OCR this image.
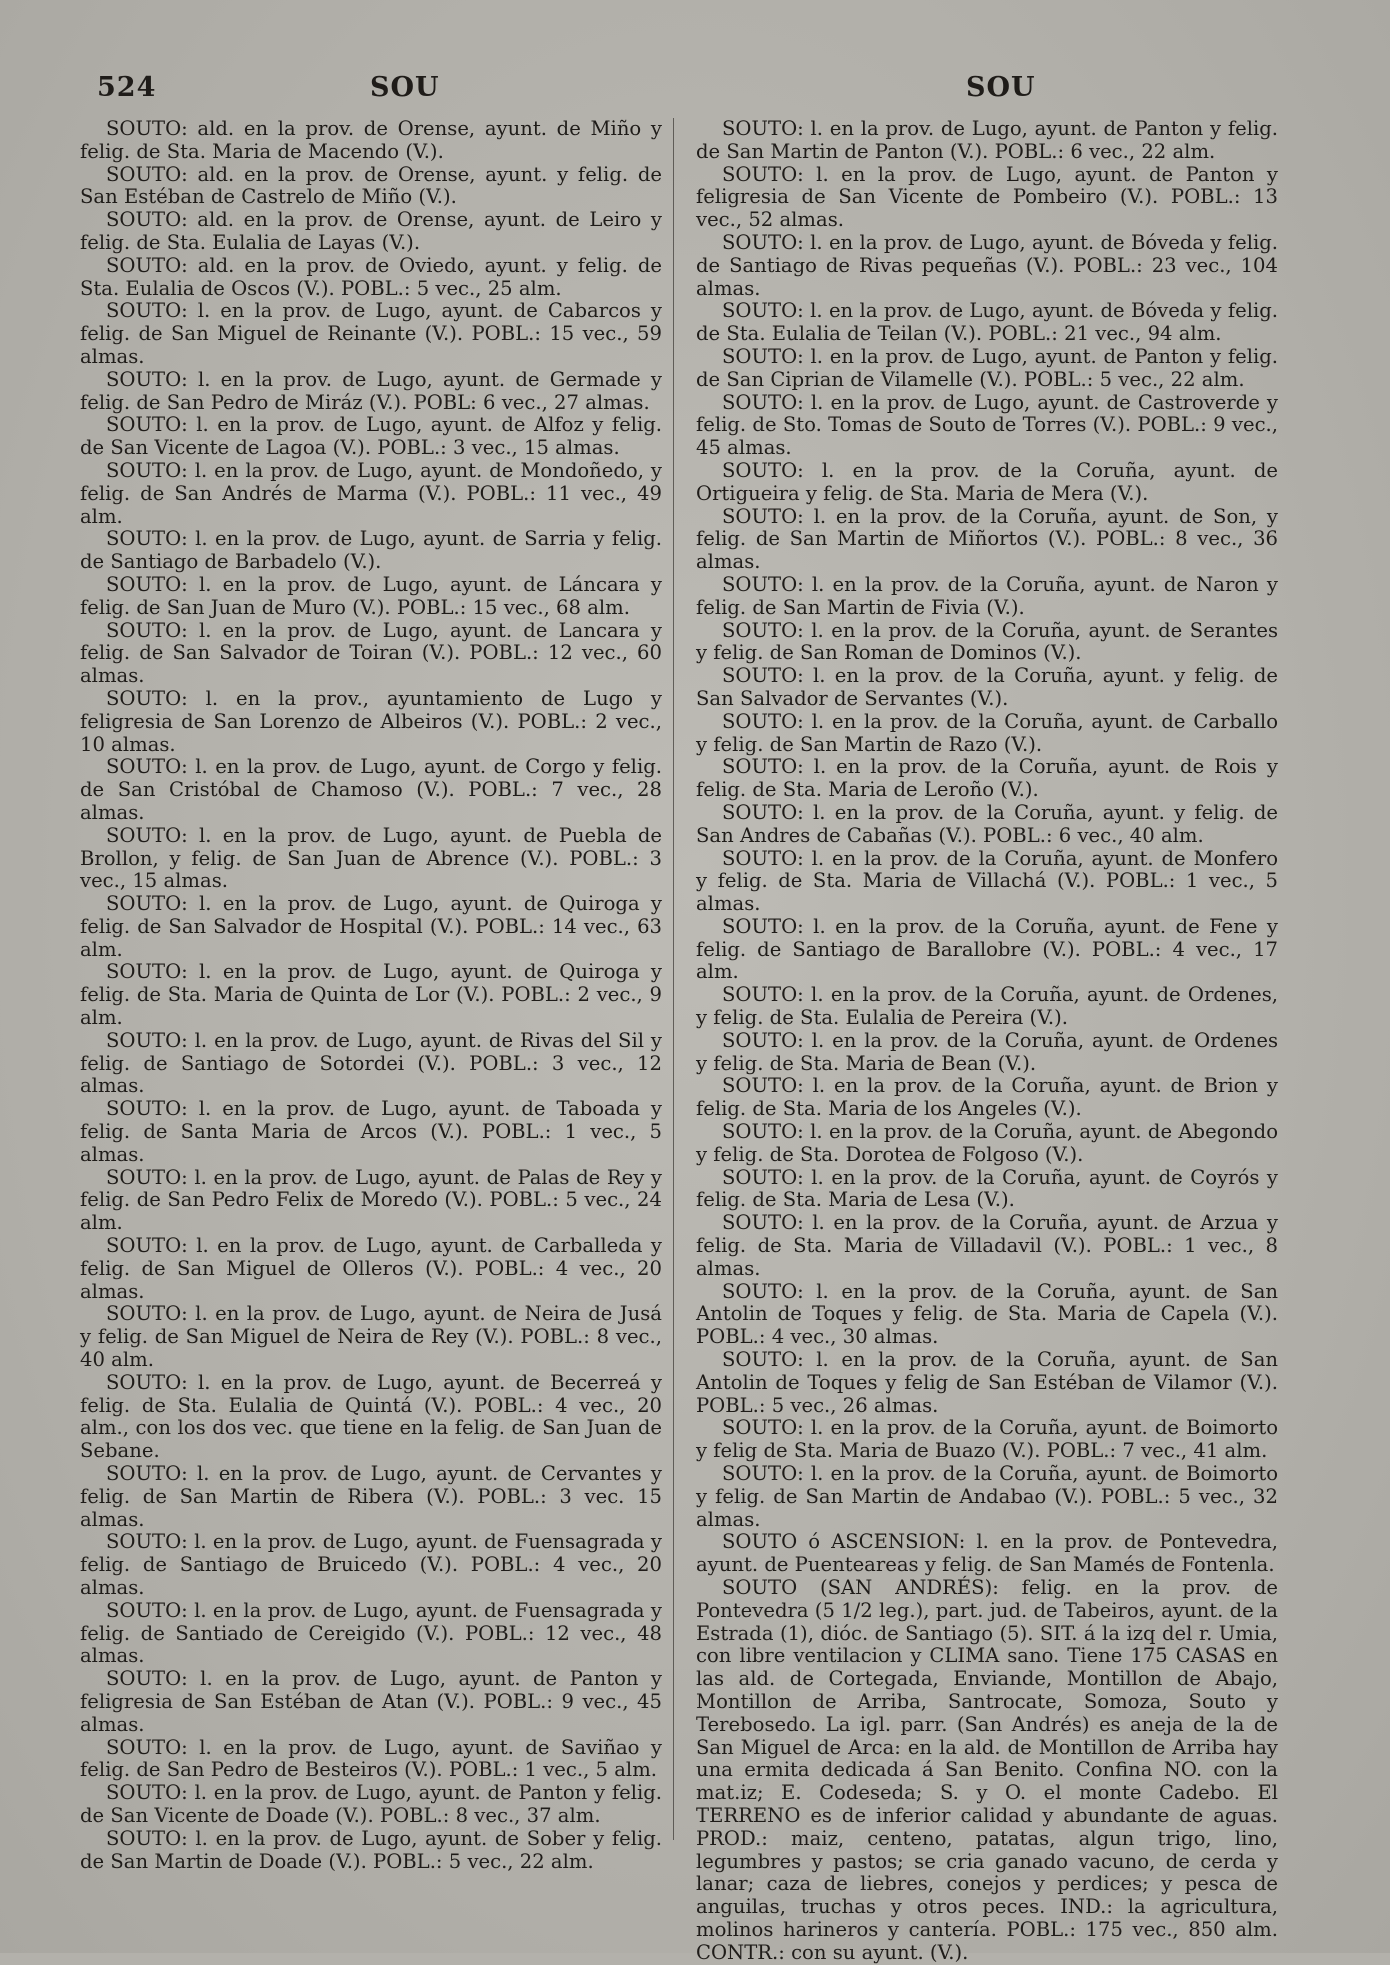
524	SOU	SOU

SOUTO: ald. en la prov. de Orense, ayunt. de Miño y felig. de Sta. Maria de Macendo (V.).

SOUTO: ald. en la prov. de Orense, ayunt. y felig. de San Estéban de Castrelo de Miño (V.).

SOUTO: ald. en la prov. de Orense, ayunt. de Leiro y felig. de Sta. Eulalia de Layas (V.).

SOUTO: ald. en la prov. de Oviedo, ayunt. y felig. de Sta. Eulalia de Oscos (V.). POBL.: 5 vec., 25 alm.

SOUTO: l. en la prov. de Lugo, ayunt. de Cabarcos y felig. de San Miguel de Reinante (V.). POBL.: 15 vec., 59 almas.

SOUTO: l. en la prov. de Lugo, ayunt. de Germade y felig. de San Pedro de Miráz (V.). POBL: 6 vec., 27 almas.

SOUTO: l. en la prov. de Lugo, ayunt. de Alfoz y felig. de San Vicente de Lagoa (V.). POBL.: 3 vec., 15 almas.

SOUTO: l. en la prov. de Lugo, ayunt. de Mondoñedo, y felig. de San Andrés de Marma (V.). POBL.: 11 vec., 49 alm.

SOUTO: l. en la prov. de Lugo, ayunt. de Sarria y felig. de Santiago de Barbadelo (V.).

SOUTO: l. en la prov. de Lugo, ayunt. de Láncara y felig. de San Juan de Muro (V.). POBL.: 15 vec., 68 alm.

SOUTO: l. en la prov. de Lugo, ayunt. de Lancara y felig. de San Salvador de Toiran (V.). POBL.: 12 vec., 60 almas.

SOUTO: l. en la prov., ayuntamiento de Lugo y feligresia de San Lorenzo de Albeiros (V.). POBL.: 2 vec., 10 almas.

SOUTO: l. en la prov. de Lugo, ayunt. de Corgo y felig. de San Cristóbal de Chamoso (V.). POBL.: 7 vec., 28 almas.

SOUTO: l. en la prov. de Lugo, ayunt. de Puebla de Brollon, y felig. de San Juan de Abrence (V.). POBL.: 3 vec., 15 almas.

SOUTO: l. en la prov. de Lugo, ayunt. de Quiroga y felig. de San Salvador de Hospital (V.). POBL.: 14 vec., 63 alm.

SOUTO: l. en la prov. de Lugo, ayunt. de Quiroga y felig. de Sta. Maria de Quinta de Lor (V.). POBL.: 2 vec., 9 alm.

SOUTO: l. en la prov. de Lugo, ayunt. de Rivas del Sil y felig. de Santiago de Sotordei (V.). POBL.: 3 vec., 12 almas.

SOUTO: l. en la prov. de Lugo, ayunt. de Taboada y felig. de Santa Maria de Arcos (V.). POBL.: 1 vec., 5 almas.

SOUTO: l. en la prov. de Lugo, ayunt. de Palas de Rey y felig. de San Pedro Felix de Moredo (V.). POBL.: 5 vec., 24 alm.

SOUTO: l. en la prov. de Lugo, ayunt. de Carballeda y felig. de San Miguel de Olleros (V.). POBL.: 4 vec., 20 almas.

SOUTO: l. en la prov. de Lugo, ayunt. de Neira de Jusá y felig. de San Miguel de Neira de Rey (V.). POBL.: 8 vec., 40 alm.

SOUTO: l. en la prov. de Lugo, ayunt. de Becerreá y felig. de Sta. Eulalia de Quintá (V.). POBL.: 4 vec., 20 alm., con los dos vec. que tiene en la felig. de San Juan de Sebane.

SOUTO: l. en la prov. de Lugo, ayunt. de Cervantes y felig. de San Martin de Ribera (V.). POBL.: 3 vec. 15 almas.

SOUTO: l. en la prov. de Lugo, ayunt. de Fuensagrada y felig. de Santiago de Bruicedo (V.). POBL.: 4 vec., 20 almas.

SOUTO: l. en la prov. de Lugo, ayunt. de Fuensagrada y felig. de Santiado de Cereigido (V.). POBL.: 12 vec., 48 almas.

SOUTO: l. en la prov. de Lugo, ayunt. de Panton y feligresia de San Estéban de Atan (V.). POBL.: 9 vec., 45 almas.

SOUTO: l. en la prov. de Lugo, ayunt. de Saviñao y felig. de San Pedro de Besteiros (V.). POBL.: 1 vec., 5 alm.

SOUTO: l. en la prov. de Lugo, ayunt. de Panton y felig. de San Vicente de Doade (V.). POBL.: 8 vec., 37 alm.

SOUTO: l. en la prov. de Lugo, ayunt. de Sober y felig. de San Martin de Doade (V.). POBL.: 5 vec., 22 alm.

SOUTO: l. en la prov. de Lugo, ayunt. de Panton y felig. de San Martin de Panton (V.). POBL.: 6 vec., 22 alm.

SOUTO: l. en la prov. de Lugo, ayunt. de Panton y feligresia de San Vicente de Pombeiro (V.). POBL.: 13 vec., 52 almas.

SOUTO: l. en la prov. de Lugo, ayunt. de Bóveda y felig. de Santiago de Rivas pequeñas (V.). POBL.: 23 vec., 104 almas.

SOUTO: l. en la prov. de Lugo, ayunt. de Bóveda y felig. de Sta. Eulalia de Teilan (V.). POBL.: 21 vec., 94 alm.

SOUTO: l. en la prov. de Lugo, ayunt. de Panton y felig. de San Ciprian de Vilamelle (V.). POBL.: 5 vec., 22 alm.

SOUTO: l. en la prov. de Lugo, ayunt. de Castroverde y felig. de Sto. Tomas de Souto de Torres (V.). POBL.: 9 vec., 45 almas.

SOUTO: l. en la prov. de la Coruña, ayunt. de Ortigueira y felig. de Sta. Maria de Mera (V.).

SOUTO: l. en la prov. de la Coruña, ayunt. de Son, y felig. de San Martin de Miñortos (V.). POBL.: 8 vec., 36 almas.

SOUTO: l. en la prov. de la Coruña, ayunt. de Naron y felig. de San Martin de Fivia (V.).

SOUTO: l. en la prov. de la Coruña, ayunt. de Serantes y felig. de San Roman de Dominos (V.).

SOUTO: l. en la prov. de la Coruña, ayunt. y felig. de San Salvador de Servantes (V.).

SOUTO: l. en la prov. de la Coruña, ayunt. de Carballo y felig. de San Martin de Razo (V.).

SOUTO: l. en la prov. de la Coruña, ayunt. de Rois y felig. de Sta. Maria de Leroño (V.).

SOUTO: l. en la prov. de la Coruña, ayunt. y felig. de San Andres de Cabañas (V.). POBL.: 6 vec., 40 alm.

SOUTO: l. en la prov. de la Coruña, ayunt. de Monfero y felig. de Sta. Maria de Villachá (V.). POBL.: 1 vec., 5 almas.

SOUTO: l. en la prov. de la Coruña, ayunt. de Fene y felig. de Santiago de Barallobre (V.). POBL.: 4 vec., 17 alm.

SOUTO: l. en la prov. de la Coruña, ayunt. de Ordenes, y felig. de Sta. Eulalia de Pereira (V.).

SOUTO: l. en la prov. de la Coruña, ayunt. de Ordenes y felig. de Sta. Maria de Bean (V.).

SOUTO: l. en la prov. de la Coruña, ayunt. de Brion y felig. de Sta. Maria de los Angeles (V.).

SOUTO: l. en la prov. de la Coruña, ayunt. de Abegondo y felig. de Sta. Dorotea de Folgoso (V.).

SOUTO: l. en la prov. de la Coruña, ayunt. de Coyrós y felig. de Sta. Maria de Lesa (V.).

SOUTO: l. en la prov. de la Coruña, ayunt. de Arzua y felig. de Sta. Maria de Villadavil (V.). POBL.: 1 vec., 8 almas.

SOUTO: l. en la prov. de la Coruña, ayunt. de San Antolin de Toques y felig. de Sta. Maria de Capela (V.). POBL.: 4 vec., 30 almas.

SOUTO: l. en la prov. de la Coruña, ayunt. de San Antolin de Toques y felig de San Estéban de Vilamor (V.). POBL.: 5 vec., 26 almas.

SOUTO: l. en la prov. de la Coruña, ayunt. de Boimorto y felig de Sta. Maria de Buazo (V.). POBL.: 7 vec., 41 alm.

SOUTO: l. en la prov. de la Coruña, ayunt. de Boimorto y felig. de San Martin de Andabao (V.). POBL.: 5 vec., 32 almas.

SOUTO ó ASCENSION: l. en la prov. de Pontevedra, ayunt. de Puenteareas y felig. de San Mamés de Fontenla.

SOUTO (SAN ANDRÉS): felig. en la prov. de Pontevedra (5 1/2 leg.), part. jud. de Tabeiros, ayunt. de la Estrada (1), dióc. de Santiago (5). SIT. á la izq del r. Umia, con libre ventilacion y CLIMA sano. Tiene 175 CASAS en las ald. de Cortegada, Enviande, Montillon de Abajo, Montillon de Arriba, Santrocate, Somoza, Souto y Terebosedo. La igl. parr. (San Andrés) es aneja de la de San Miguel de Arca: en la ald. de Montillon de Arriba hay una ermita dedicada á San Benito. Confina NO. con la mat.iz; E. Codeseda; S. y O. el monte Cadebo. El TERRENO es de inferior calidad y abundante de aguas. PROD.: maiz, centeno, patatas, algun trigo, lino, legumbres y pastos; se cria ganado vacuno, de cerda y lanar; caza de liebres, conejos y perdices; y pesca de anguilas, truchas y otros peces. IND.: la agricultura, molinos harineros y cantería. POBL.: 175 vec., 850 alm. CONTR.: con su ayunt. (V.).
